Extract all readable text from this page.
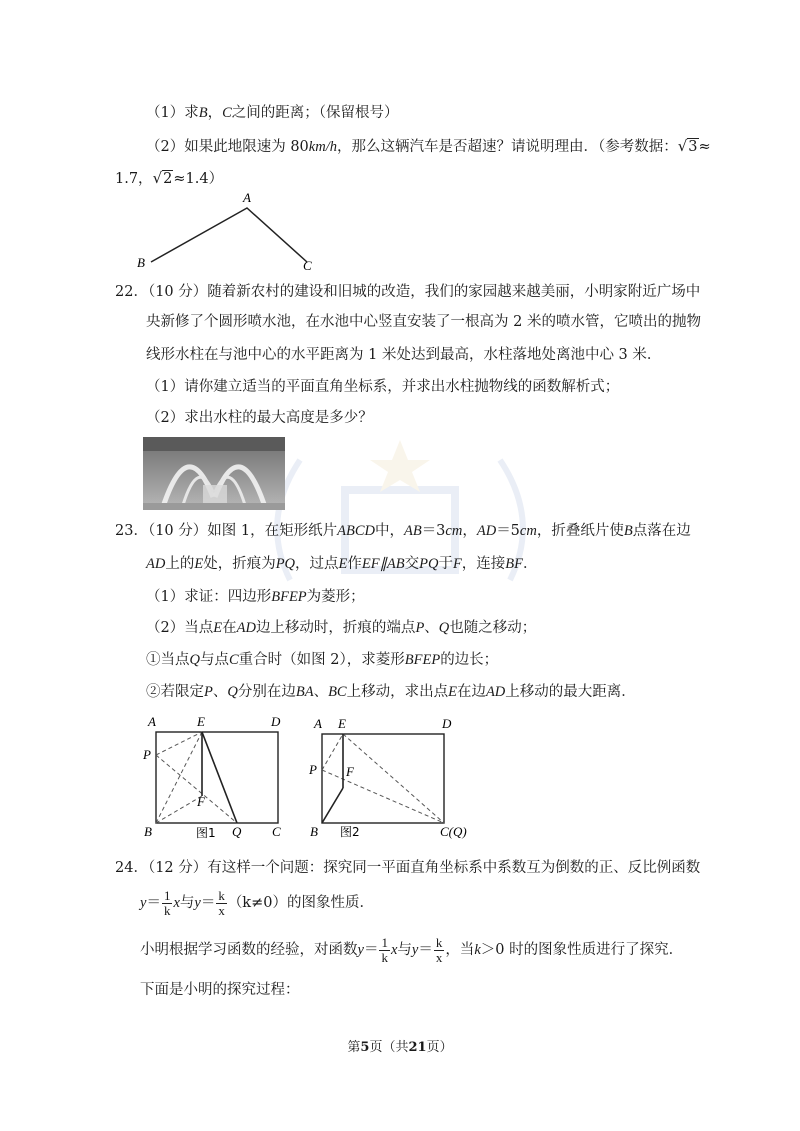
（1）求B，C之间的距离；（保留根号）
（2）如果此地限速为 80km/h，那么这辆汽车是否超速？请说明理由．（参考数据：√3≈
1.7，√2≈1.4）
A
B	C
22．（10 分）随着新农村的建设和旧城的改造，我们的家园越来越美丽，小明家附近广场中
央新修了个圆形喷水池，在水池中心竖直安装了一根高为 2 米的喷水管，它喷出的抛物
线形水柱在与池中心的水平距离为 1 米处达到最高，水柱落地处离池中心 3 米．
（1）请你建立适当的平面直角坐标系，并求出水柱抛物线的函数解析式；
（2）求出水柱的最大高度是多少？
23．（10 分）如图 1，在矩形纸片ABCD中，AB＝3cm，AD＝5cm，折叠纸片使B点落在边
AD上的E处，折痕为PQ，过点E作EF∥AB交PQ于F，连接BF．
（1）求证：四边形BFEP为菱形；
（2）当点E在AD边上移动时，折痕的端点P、Q也随之移动；
①当点Q与点C重合时（如图 2），求菱形BFEP的边长；
②若限定P、Q分别在边BA、BC上移动，求出点E在边AD上移动的最大距离．
A	E	D
P
F
B	Q C
图1
A E	D
P F
B	C(Q)
图2
24．（12 分）有这样一个问题：探究同一平面直角坐标系中系数互为倒数的正、反比例函数
$y= \frac{1}{k}$ x与$y= \frac{k}{x} (k\ne 0)$的图象性质．
小明根据学习函数的经验，对函数$y= \frac{1}{k}$ x与$y= \frac{k}{x}$ ，当k＞0 时的图象性质进行了探究．
下面是小明的探究过程：
第5页（共21页）
